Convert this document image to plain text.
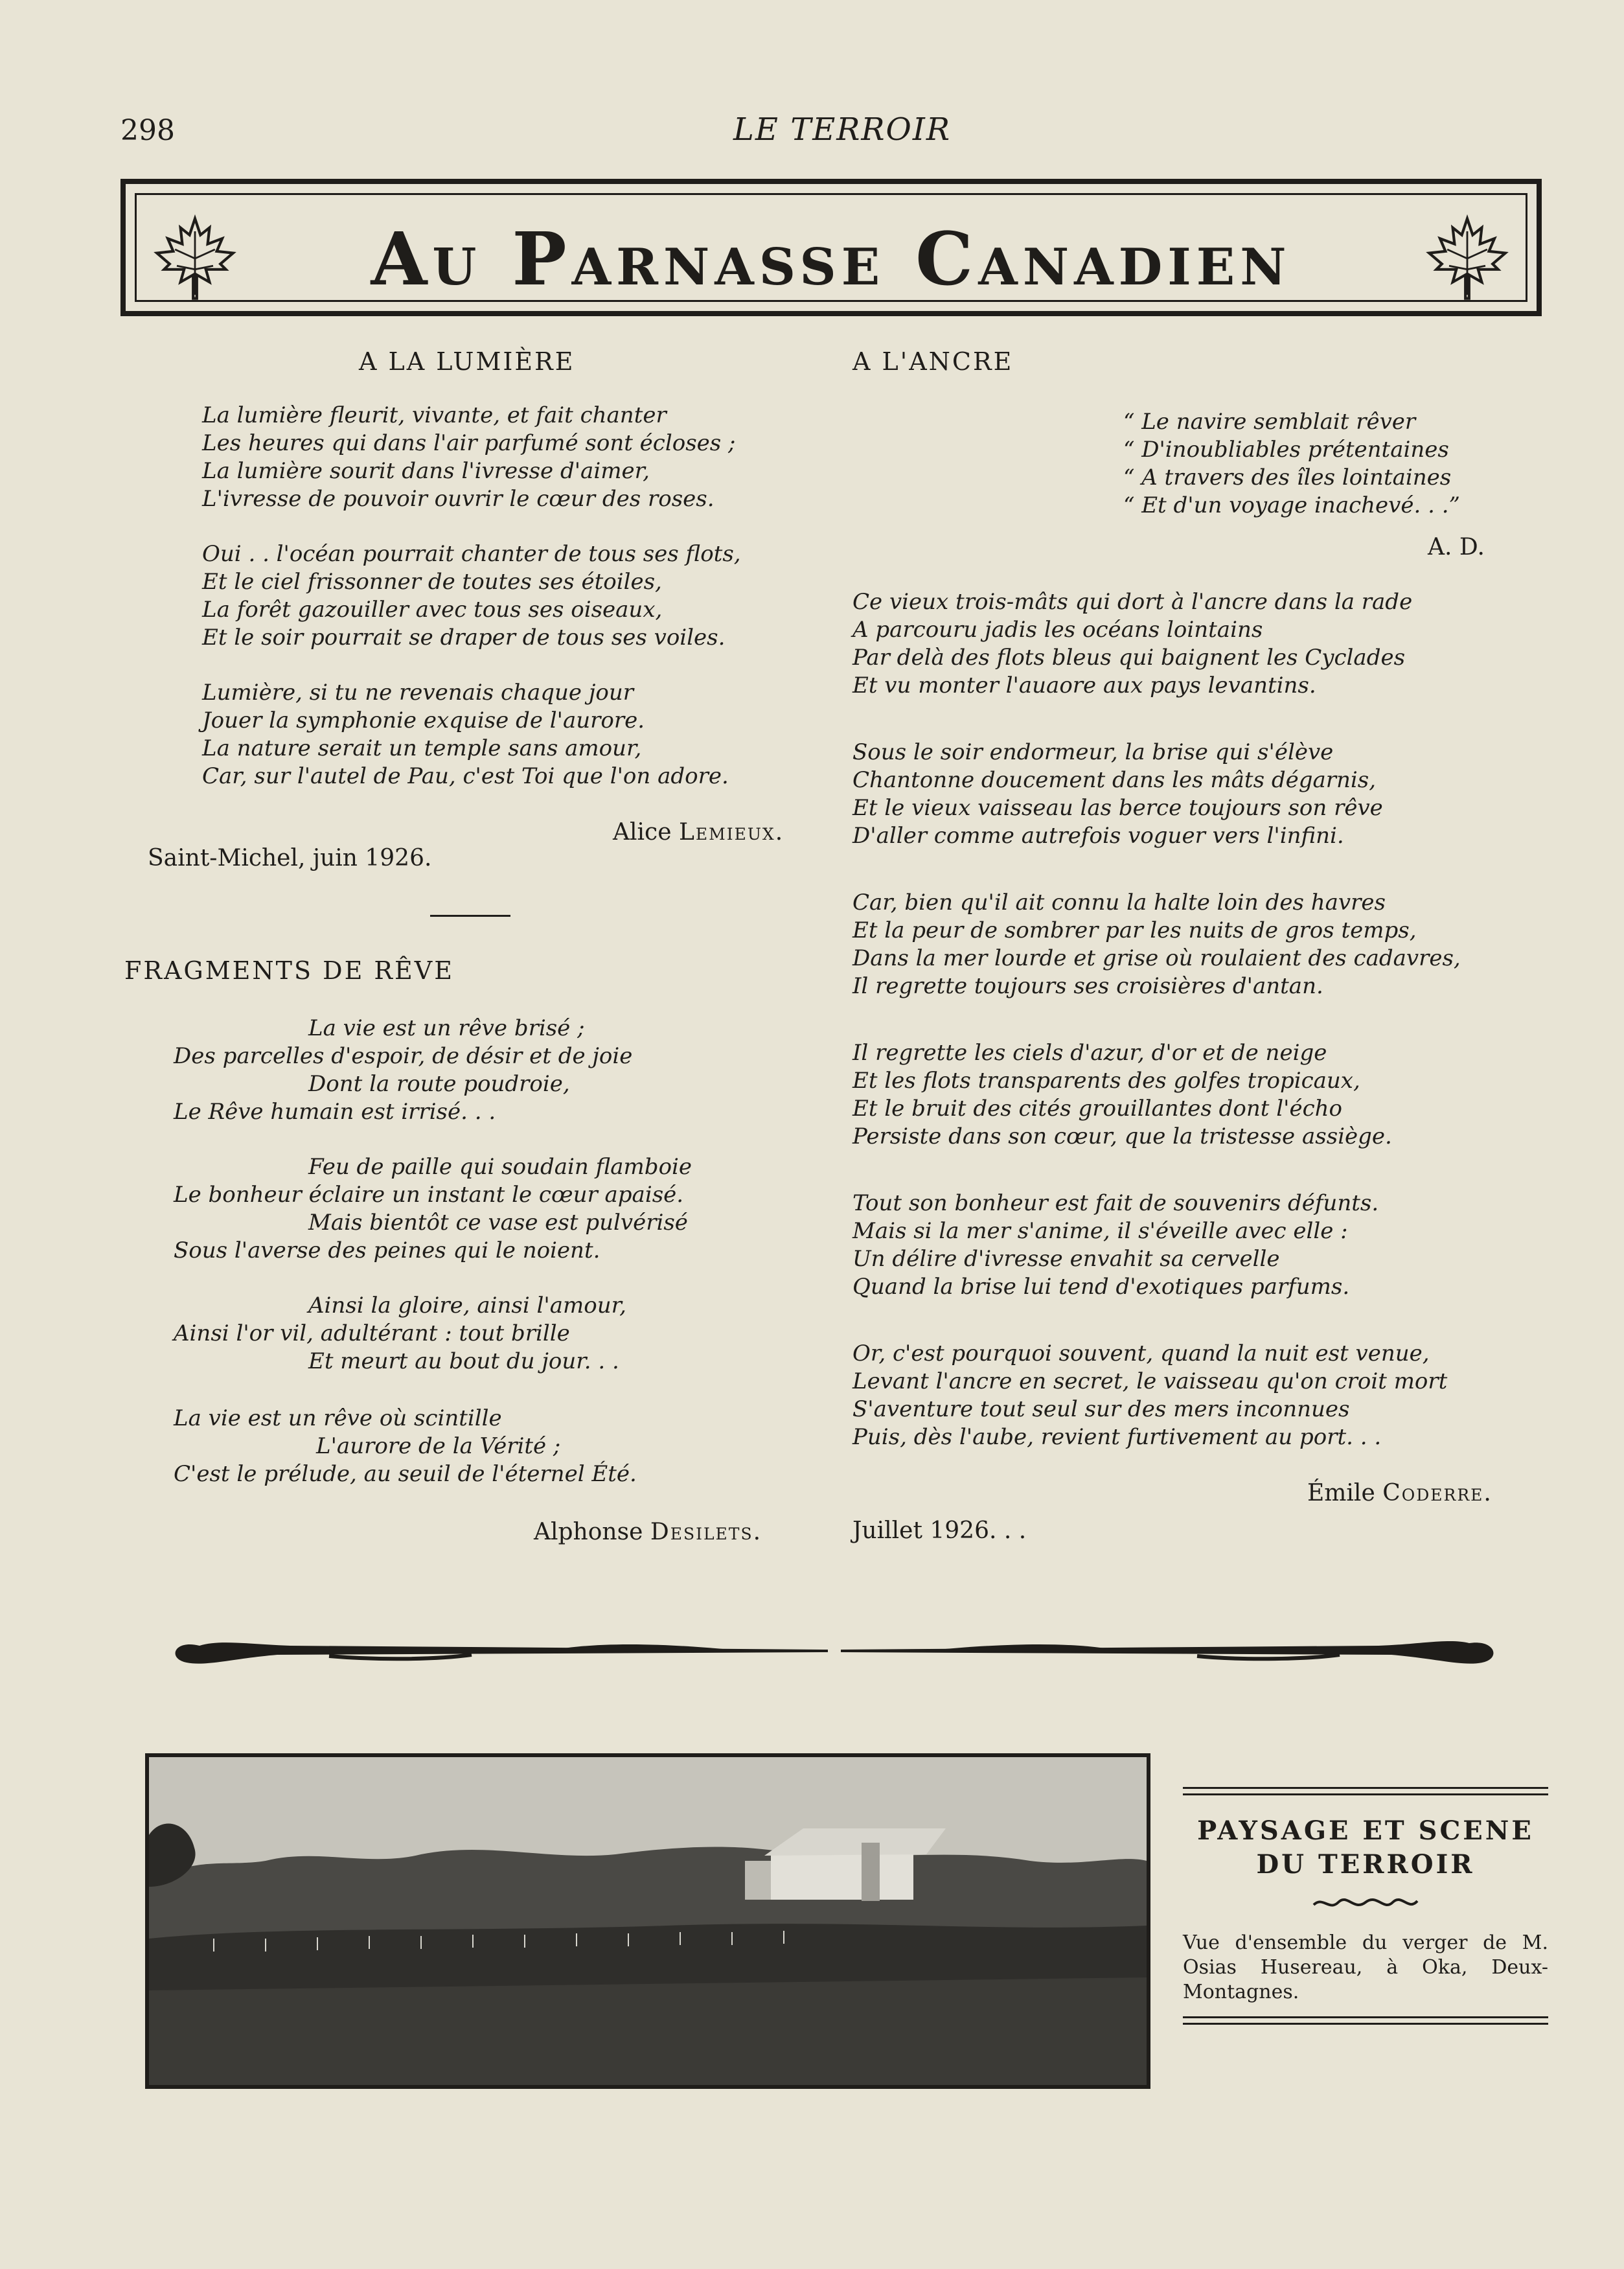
298	LE TERROIR
Au Parnasse Canadien
A LA LUMIÈRE
La lumière fleurit, vivante, et fait chanter
Les heures qui dans l'air parfumé sont écloses ;
La lumière sourit dans l'ivresse d'aimer,
L'ivresse de pouvoir ouvrir le cœur des roses.
Oui . . l'océan pourrait chanter de tous ses flots,
Et le ciel frissonner de toutes ses étoiles,
La forêt gazouiller avec tous ses oiseaux,
Et le soir pourrait se draper de tous ses voiles.
Lumière, si tu ne revenais chaque jour
Jouer la symphonie exquise de l'aurore.
La nature serait un temple sans amour,
Car, sur l'autel de Pau, c'est Toi que l'on adore.
Alice Lemieux.
Saint-Michel, juin 1926.
FRAGMENTS DE RÊVE
La vie est un rêve brisé ;
Des parcelles d'espoir, de désir et de joie
Dont la route poudroie,
Le Rêve humain est irrisé. . .
Feu de paille qui soudain flamboie
Le bonheur éclaire un instant le cœur apaisé.
Mais bientôt ce vase est pulvérisé
Sous l'averse des peines qui le noient.
Ainsi la gloire, ainsi l'amour,
Ainsi l'or vil, adultérant : tout brille
Et meurt au bout du jour. . .
La vie est un rêve où scintille
L'aurore de la Vérité ;
C'est le prélude, au seuil de l'éternel Été.
Alphonse Desilets.
A L'ANCRE
“ Le navire semblait rêver
“ D'inoubliables prétentaines
“ A travers des îles lointaines
“ Et d'un voyage inachevé. . .”
A. D.
Ce vieux trois-mâts qui dort à l'ancre dans la rade
A parcouru jadis les océans lointains
Par delà des flots bleus qui baignent les Cyclades
Et vu monter l'auaore aux pays levantins.
Sous le soir endormeur, la brise qui s'élève
Chantonne doucement dans les mâts dégarnis,
Et le vieux vaisseau las berce toujours son rêve
D'aller comme autrefois voguer vers l'infini.
Car, bien qu'il ait connu la halte loin des havres
Et la peur de sombrer par les nuits de gros temps,
Dans la mer lourde et grise où roulaient des cadavres,
Il regrette toujours ses croisières d'antan.
Il regrette les ciels d'azur, d'or et de neige
Et les flots transparents des golfes tropicaux,
Et le bruit des cités grouillantes dont l'écho
Persiste dans son cœur, que la tristesse assiège.
Tout son bonheur est fait de souvenirs défunts.
Mais si la mer s'anime, il s'éveille avec elle :
Un délire d'ivresse envahit sa cervelle
Quand la brise lui tend d'exotiques parfums.
Or, c'est pourquoi souvent, quand la nuit est venue,
Levant l'ancre en secret, le vaisseau qu'on croit mort
S'aventure tout seul sur des mers inconnues
Puis, dès l'aube, revient furtivement au port. . .
Émile Coderre.
Juillet 1926. . .
PAYSAGE ET SCENE
DU TERROIR
Vue d'ensemble du verger de M. Osias Husereau, à Oka, Deux-Montagnes.
